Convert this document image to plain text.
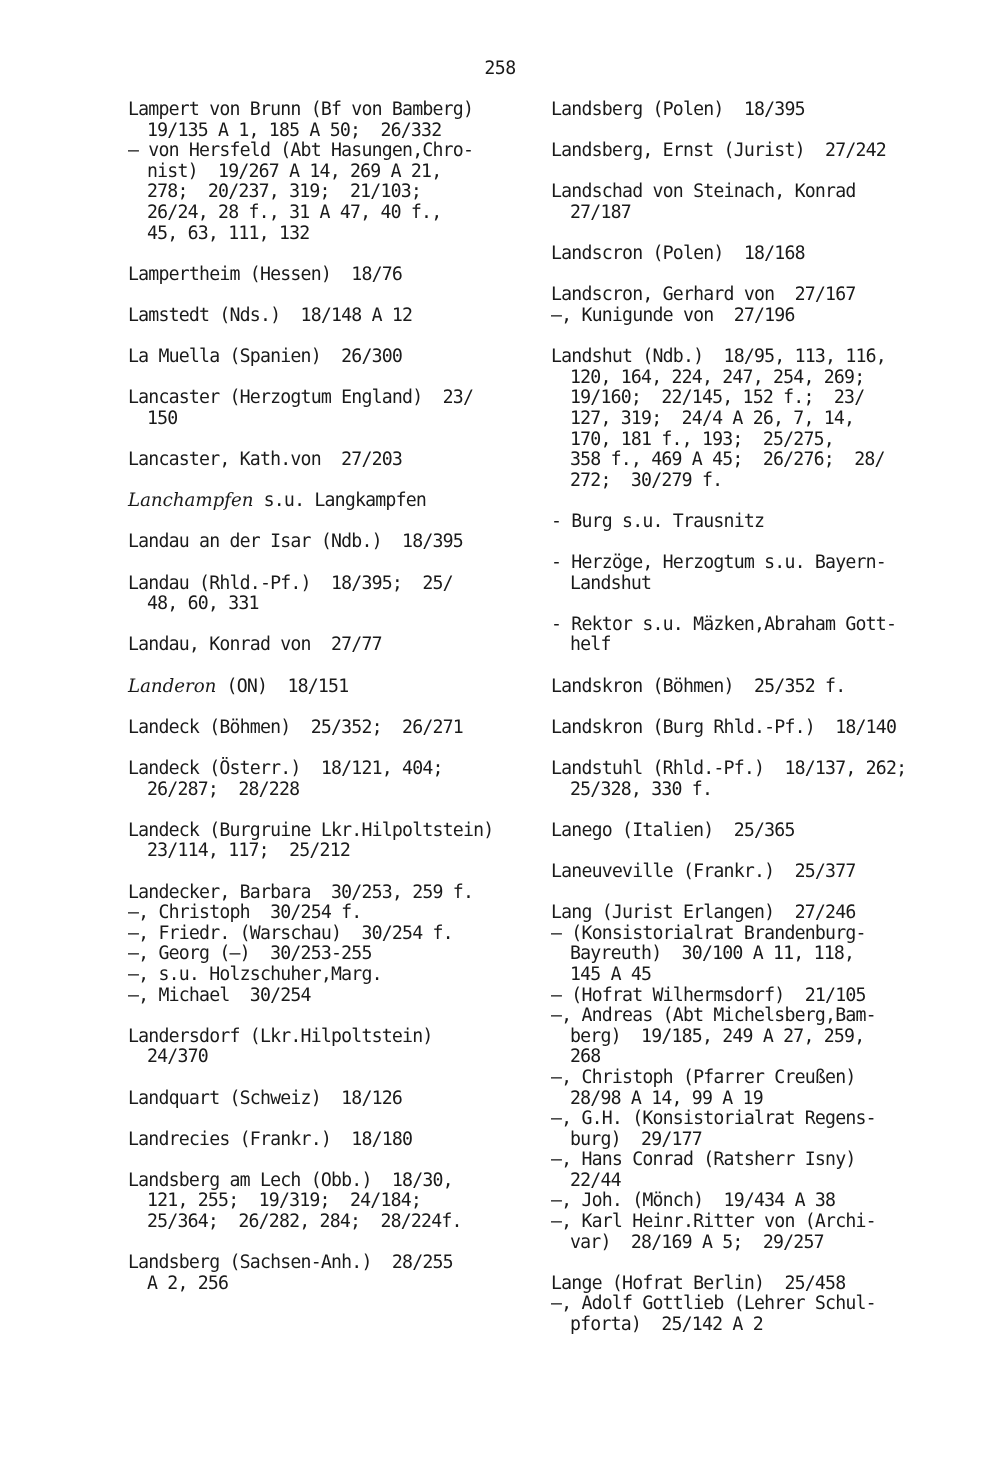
258
Lampert von Brunn (Bf von Bamberg)
19/135 A 1, 185 A 50;  26/332
— von Hersfeld (Abt Hasungen,Chro-
nist)  19/267 A 14, 269 A 21,
278;  20/237, 319;  21/103;
26/24, 28 f., 31 A 47, 40 f.,
45, 63, 111, 132
Lampertheim (Hessen)  18/76
Lamstedt (Nds.)  18/148 A 12
La Muella (Spanien)  26/300
Lancaster (Herzogtum England)  23/
150
Lancaster, Kath.von  27/203
Lanchampfen s.u. Langkampfen
Landau an der Isar (Ndb.)  18/395
Landau (Rhld.-Pf.)  18/395;  25/
48, 60, 331
Landau, Konrad von  27/77
Landeron (ON)  18/151
Landeck (Böhmen)  25/352;  26/271
Landeck (Österr.)  18/121, 404;
26/287;  28/228
Landeck (Burgruine Lkr.Hilpoltstein)
23/114, 117;  25/212
Landecker, Barbara  30/253, 259 f.
—, Christoph  30/254 f.
—, Friedr. (Warschau)  30/254 f.
—, Georg (—)  30/253-255
—, s.u. Holzschuher,Marg.
—, Michael  30/254
Landersdorf (Lkr.Hilpoltstein)
24/370
Landquart (Schweiz)  18/126
Landrecies (Frankr.)  18/180
Landsberg am Lech (Obb.)  18/30,
121, 255;  19/319;  24/184;
25/364;  26/282, 284;  28/224f.
Landsberg (Sachsen-Anh.)  28/255
A 2, 256
Landsberg (Polen)  18/395
Landsberg, Ernst (Jurist)  27/242
Landschad von Steinach, Konrad
27/187
Landscron (Polen)  18/168
Landscron, Gerhard von  27/167
—, Kunigunde von  27/196
Landshut (Ndb.)  18/95, 113, 116,
120, 164, 224, 247, 254, 269;
19/160;  22/145, 152 f.;  23/
127, 319;  24/4 A 26, 7, 14,
170, 181 f., 193;  25/275,
358 f., 469 A 45;  26/276;  28/
272;  30/279 f.
- Burg s.u. Trausnitz
- Herzöge, Herzogtum s.u. Bayern-
Landshut
- Rektor s.u. Mäzken,Abraham Gott-
helf
Landskron (Böhmen)  25/352 f.
Landskron (Burg Rhld.-Pf.)  18/140
Landstuhl (Rhld.-Pf.)  18/137, 262;
25/328, 330 f.
Lanego (Italien)  25/365
Laneuveville (Frankr.)  25/377
Lang (Jurist Erlangen)  27/246
— (Konsistorialrat Brandenburg-
Bayreuth)  30/100 A 11, 118,
145 A 45
— (Hofrat Wilhermsdorf)  21/105
—, Andreas (Abt Michelsberg,Bam-
berg)  19/185, 249 A 27, 259,
268
—, Christoph (Pfarrer Creußen)
28/98 A 14, 99 A 19
—, G.H. (Konsistorialrat Regens-
burg)  29/177
—, Hans Conrad (Ratsherr Isny)
22/44
—, Joh. (Mönch)  19/434 A 38
—, Karl Heinr.Ritter von (Archi-
var)  28/169 A 5;  29/257
Lange (Hofrat Berlin)  25/458
—, Adolf Gottlieb (Lehrer Schul-
pforta)  25/142 A 2
